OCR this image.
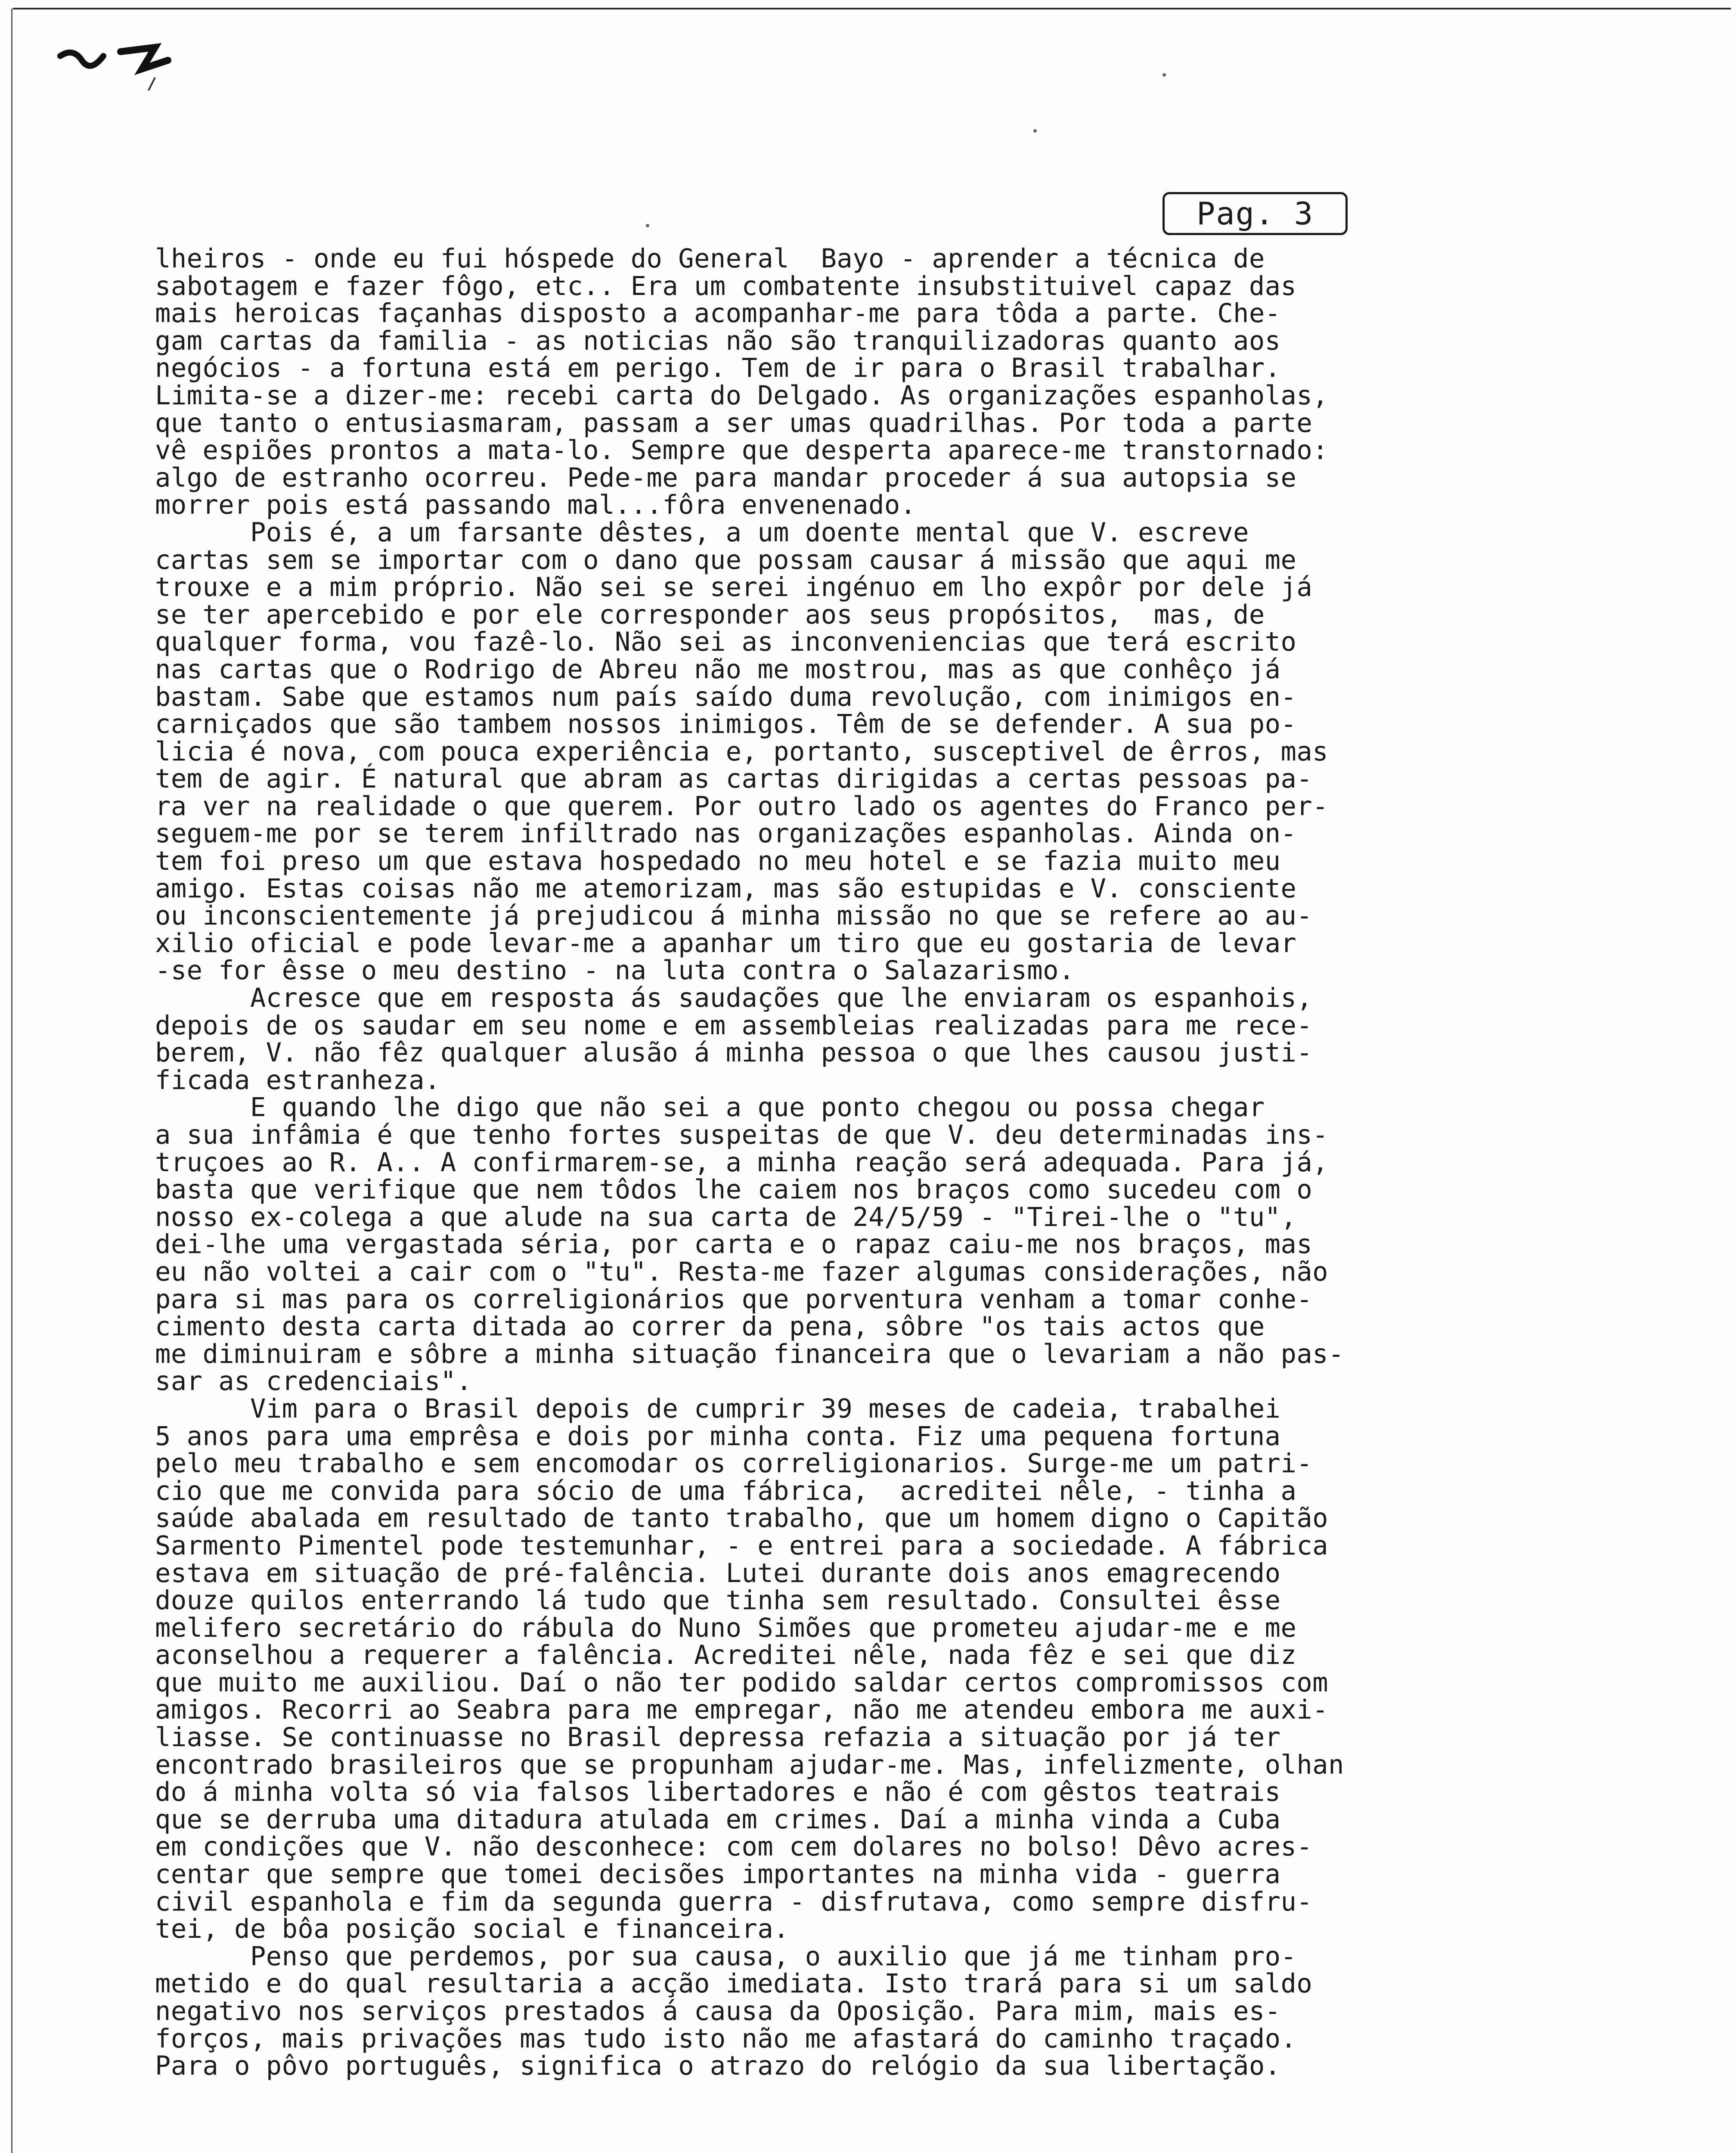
Pag. 3
lheiros - onde eu fui hóspede do General  Bayo - aprender a técnica de
sabotagem e fazer fôgo, etc.. Era um combatente insubstituivel capaz das
mais heroicas façanhas disposto a acompanhar-me para tôda a parte. Che-
gam cartas da familia - as noticias não são tranquilizadoras quanto aos
negócios - a fortuna está em perigo. Tem de ir para o Brasil trabalhar.
Limita-se a dizer-me: recebi carta do Delgado. As organizações espanholas,
que tanto o entusiasmaram, passam a ser umas quadrilhas. Por toda a parte
vê espiões prontos a mata-lo. Sempre que desperta aparece-me transtornado:
algo de estranho ocorreu. Pede-me para mandar proceder á sua autopsia se
morrer pois está passando mal...fôra envenenado.
Pois é, a um farsante dêstes, a um doente mental que V. escreve
cartas sem se importar com o dano que possam causar á missão que aqui me
trouxe e a mim próprio. Não sei se serei ingénuo em lho expôr por dele já
se ter apercebido e por ele corresponder aos seus propósitos,  mas, de
qualquer forma, vou fazê-lo. Não sei as inconveniencias que terá escrito
nas cartas que o Rodrigo de Abreu não me mostrou, mas as que conhêço já
bastam. Sabe que estamos num país saído duma revolução, com inimigos en-
carniçados que são tambem nossos inimigos. Têm de se defender. A sua po-
licia é nova, com pouca experiência e, portanto, susceptivel de êrros, mas
tem de agir. É natural que abram as cartas dirigidas a certas pessoas pa-
ra ver na realidade o que querem. Por outro lado os agentes do Franco per-
seguem-me por se terem infiltrado nas organizações espanholas. Ainda on-
tem foi preso um que estava hospedado no meu hotel e se fazia muito meu
amigo. Estas coisas não me atemorizam, mas são estupidas e V. consciente
ou inconscientemente já prejudicou á minha missão no que se refere ao au-
xilio oficial e pode levar-me a apanhar um tiro que eu gostaria de levar
-se for êsse o meu destino - na luta contra o Salazarismo.
Acresce que em resposta ás saudações que lhe enviaram os espanhois,
depois de os saudar em seu nome e em assembleias realizadas para me rece-
berem, V. não fêz qualquer alusão á minha pessoa o que lhes causou justi-
ficada estranheza.
E quando lhe digo que não sei a que ponto chegou ou possa chegar
a sua infâmia é que tenho fortes suspeitas de que V. deu determinadas ins-
truçoes ao R. A.. A confirmarem-se, a minha reação será adequada. Para já,
basta que verifique que nem tôdos lhe caiem nos braços como sucedeu com o
nosso ex-colega a que alude na sua carta de 24/5/59 - "Tirei-lhe o "tu",
dei-lhe uma vergastada séria, por carta e o rapaz caiu-me nos braços, mas
eu não voltei a cair com o "tu". Resta-me fazer algumas considerações, não
para si mas para os correligionários que porventura venham a tomar conhe-
cimento desta carta ditada ao correr da pena, sôbre "os tais actos que
me diminuiram e sôbre a minha situação financeira que o levariam a não pas-
sar as credenciais".
Vim para o Brasil depois de cumprir 39 meses de cadeia, trabalhei
5 anos para uma emprêsa e dois por minha conta. Fiz uma pequena fortuna
pelo meu trabalho e sem encomodar os correligionarios. Surge-me um patri-
cio que me convida para sócio de uma fábrica,  acreditei nêle, - tinha a
saúde abalada em resultado de tanto trabalho, que um homem digno o Capitão
Sarmento Pimentel pode testemunhar, - e entrei para a sociedade. A fábrica
estava em situação de pré-falência. Lutei durante dois anos emagrecendo
douze quilos enterrando lá tudo que tinha sem resultado. Consultei êsse
melifero secretário do rábula do Nuno Simões que prometeu ajudar-me e me
aconselhou a requerer a falência. Acreditei nêle, nada fêz e sei que diz
que muito me auxiliou. Daí o não ter podido saldar certos compromissos com
amigos. Recorri ao Seabra para me empregar, não me atendeu embora me auxi-
liasse. Se continuasse no Brasil depressa refazia a situação por já ter
encontrado brasileiros que se propunham ajudar-me. Mas, infelizmente, olhan
do á minha volta só via falsos libertadores e não é com gêstos teatrais
que se derruba uma ditadura atulada em crimes. Daí a minha vinda a Cuba
em condições que V. não desconhece: com cem dolares no bolso! Dêvo acres-
centar que sempre que tomei decisões importantes na minha vida - guerra
civil espanhola e fim da segunda guerra - disfrutava, como sempre disfru-
tei, de bôa posição social e financeira.
Penso que perdemos, por sua causa, o auxilio que já me tinham pro-
metido e do qual resultaria a acção imediata. Isto trará para si um saldo
negativo nos serviços prestados á causa da Oposição. Para mim, mais es-
forços, mais privações mas tudo isto não me afastará do caminho traçado.
Para o pôvo português, significa o atrazo do relógio da sua libertação.
